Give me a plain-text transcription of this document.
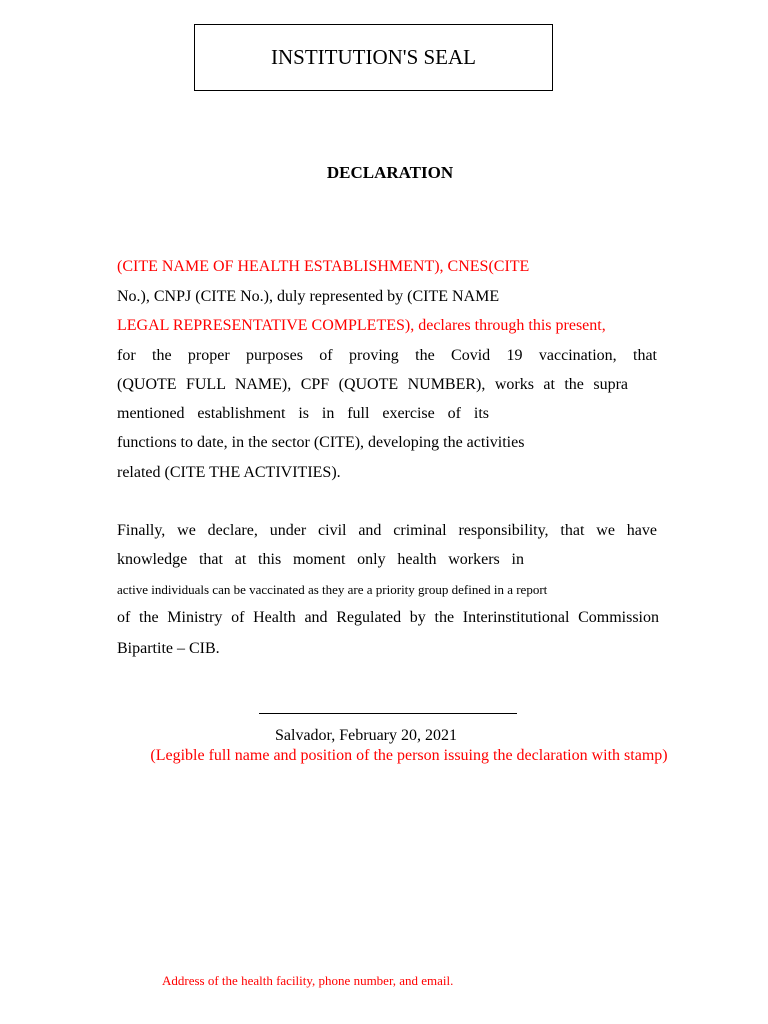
INSTITUTION'S SEAL
DECLARATION
(CITE NAME OF HEALTH ESTABLISHMENT), CNES(CITE
No.), CNPJ (CITE No.), duly represented by (CITE NAME
LEGAL REPRESENTATIVE COMPLETES), declares through this present,
for the proper purposes of proving the Covid 19 vaccination, that
(QUOTE FULL NAME), CPF (QUOTE NUMBER), works at the supra
mentioned establishment is in full exercise of its
functions to date, in the sector (CITE), developing the activities
related (CITE THE ACTIVITIES).
Finally, we declare, under civil and criminal responsibility, that we have
knowledge that at this moment only health workers in
active individuals can be vaccinated as they are a priority group defined in a report
of the Ministry of Health and Regulated by the Interinstitutional Commission
Bipartite – CIB.
Salvador, February 20, 2021
(Legible full name and position of the person issuing the declaration with stamp)
Address of the health facility, phone number, and email.
